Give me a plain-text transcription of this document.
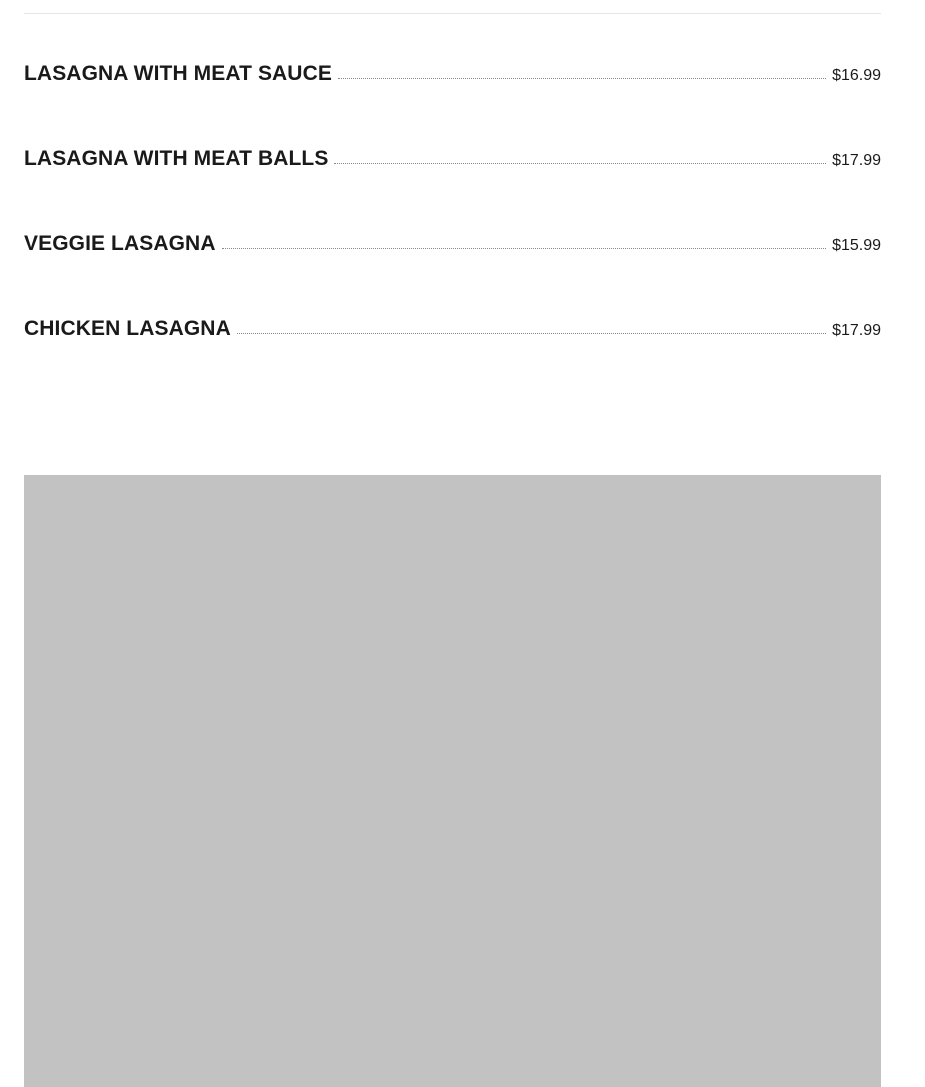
LASAGNA WITH MEAT SAUCE	$16.99
LASAGNA WITH MEAT BALLS	$17.99
VEGGIE LASAGNA	$15.99
CHICKEN LASAGNA	$17.99
